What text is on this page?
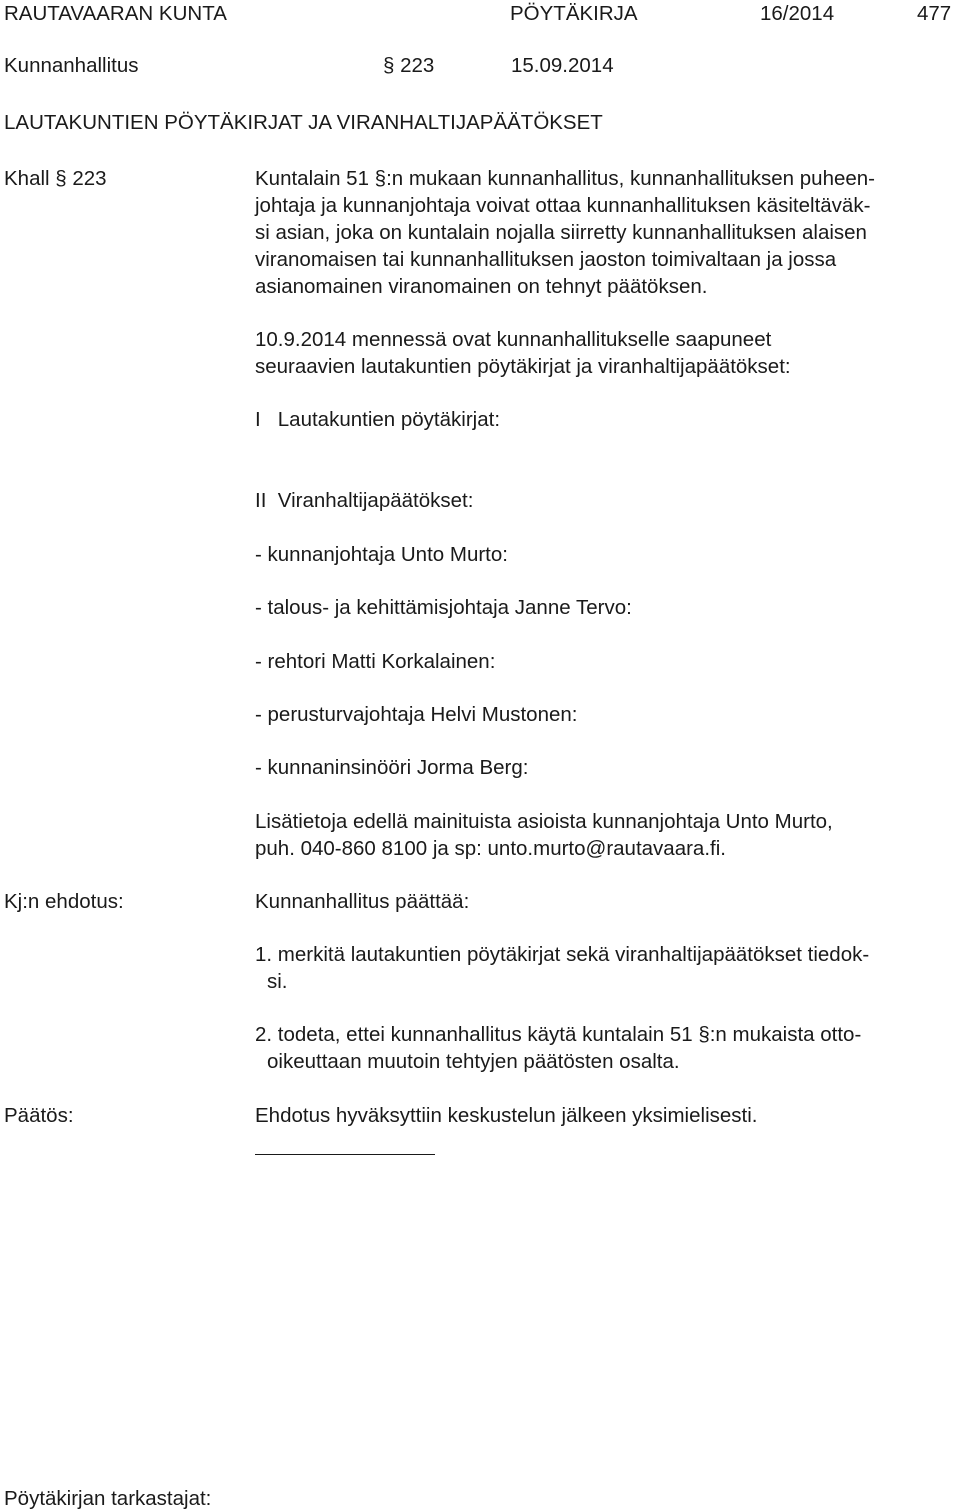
RAUTAVAARAN KUNTA	PÖYTÄKIRJA	16/2014	477
Kunnanhallitus	§ 223	15.09.2014
LAUTAKUNTIEN PÖYTÄKIRJAT JA VIRANHALTIJAPÄÄTÖKSET
Khall § 223	Kuntalain 51 §:n mukaan kunnanhallitus, kunnanhallituksen puheen-
johtaja ja kunnanjohtaja voivat ottaa kunnanhallituksen käsiteltäväk-
si asian, joka on kuntalain nojalla siirretty kunnanhallituksen alaisen
viranomaisen tai kunnanhallituksen jaoston toimivaltaan ja jossa
asianomainen viranomainen on tehnyt päätöksen.
10.9.2014 mennessä ovat kunnanhallitukselle saapuneet
seuraavien lautakuntien pöytäkirjat ja viranhaltijapäätökset:
I   Lautakuntien pöytäkirjat:
II  Viranhaltijapäätökset:
- kunnanjohtaja Unto Murto:
- talous- ja kehittämisjohtaja Janne Tervo:
- rehtori Matti Korkalainen:
- perusturvajohtaja Helvi Mustonen:
- kunnaninsinööri Jorma Berg:
Lisätietoja edellä mainituista asioista kunnanjohtaja Unto Murto,
puh. 040-860 8100 ja sp: unto.murto@rautavaara.fi.
Kj:n ehdotus:	Kunnanhallitus päättää:
1. merkitä lautakuntien pöytäkirjat sekä viranhaltijapäätökset tiedok-
si.
2. todeta, ettei kunnanhallitus käytä kuntalain 51 §:n mukaista otto-
oikeuttaan muutoin tehtyjen päätösten osalta.
Päätös:	Ehdotus hyväksyttiin keskustelun jälkeen yksimielisesti.
Pöytäkirjan tarkastajat:
